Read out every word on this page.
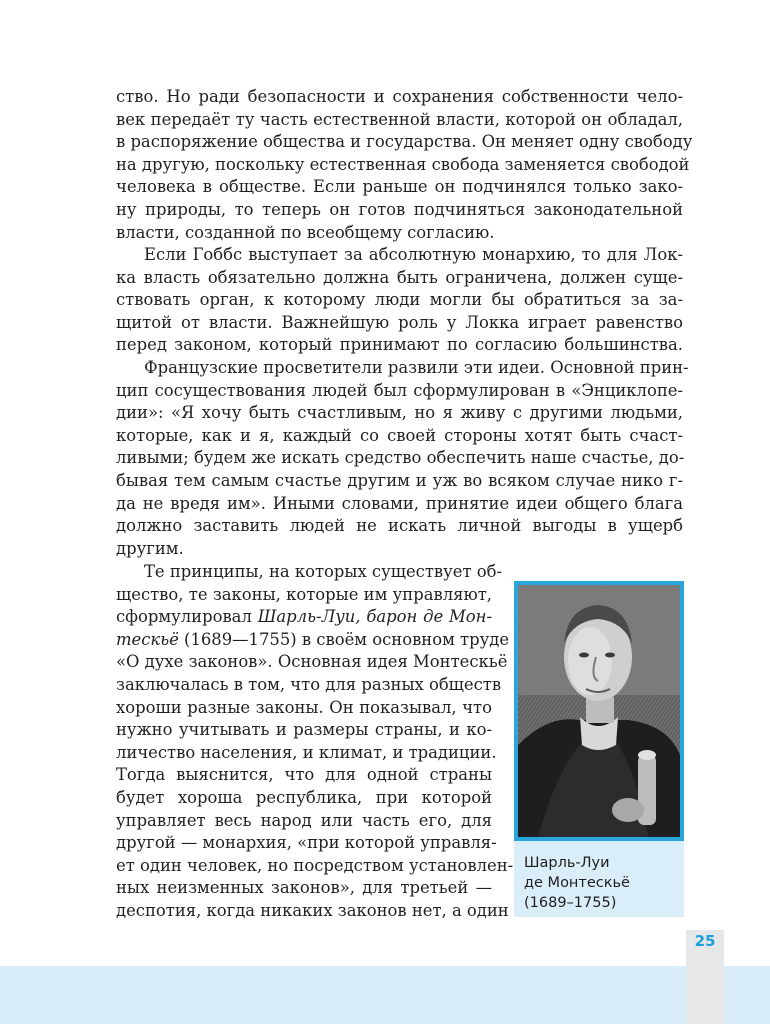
ство. Но ради безопасности и сохранения собственности чело-
век передаёт ту часть естественной власти, которой он обладал,
в распоряжение общества и государства. Он меняет одну свободу
на другую, поскольку естественная свобода заменяется свободой
человека в обществе. Если раньше он подчинялся только зако-
ну природы, то теперь он готов подчиняться законодательной
власти, созданной по всеобщему согласию.
Если Гоббс выступает за абсолютную монархию, то для Лок-
ка власть обязательно должна быть ограничена, должен суще-
ствовать орган, к которому люди могли бы обратиться за за-
щитой от власти. Важнейшую роль у Локка играет равенство
перед законом, который принимают по согласию большинства.
Французские просветители развили эти идеи. Основной прин-
цип сосуществования людей был сформулирован в «Энциклопе-
дии»: «Я хочу быть счастливым, но я живу с другими людьми,
которые, как и я, каждый со своей стороны хотят быть счаст-
ливыми; будем же искать средство обеспечить наше счастье, до-
бывая тем самым счастье другим и уж во всяком случае нико г-
да не вредя им». Иными словами, принятие идеи общего блага
должно заставить людей не искать личной выгоды в ущерб
другим.
Те принципы, на которых существует об-
щество, те законы, которые им управляют,
сформулировал Шарль-Луи, барон де Мон-
тескьё (1689—1755) в своём основном труде
«О духе законов». Основная идея Монтескьё
заключалась в том, что для разных обществ
хороши разные законы. Он показывал, что
нужно учитывать и размеры страны, и ко-
личество населения, и климат, и традиции.
Тогда выяснится, что для одной страны
будет хороша республика, при которой
управляет весь народ или часть его, для
другой — монархия, «при которой управля-
ет один человек, но посредством установлен-
ных неизменных законов», для третьей —
деспотия, когда никаких законов нет, а один
Шарль-Луи
де Монтескьё
(1689–1755)
25
